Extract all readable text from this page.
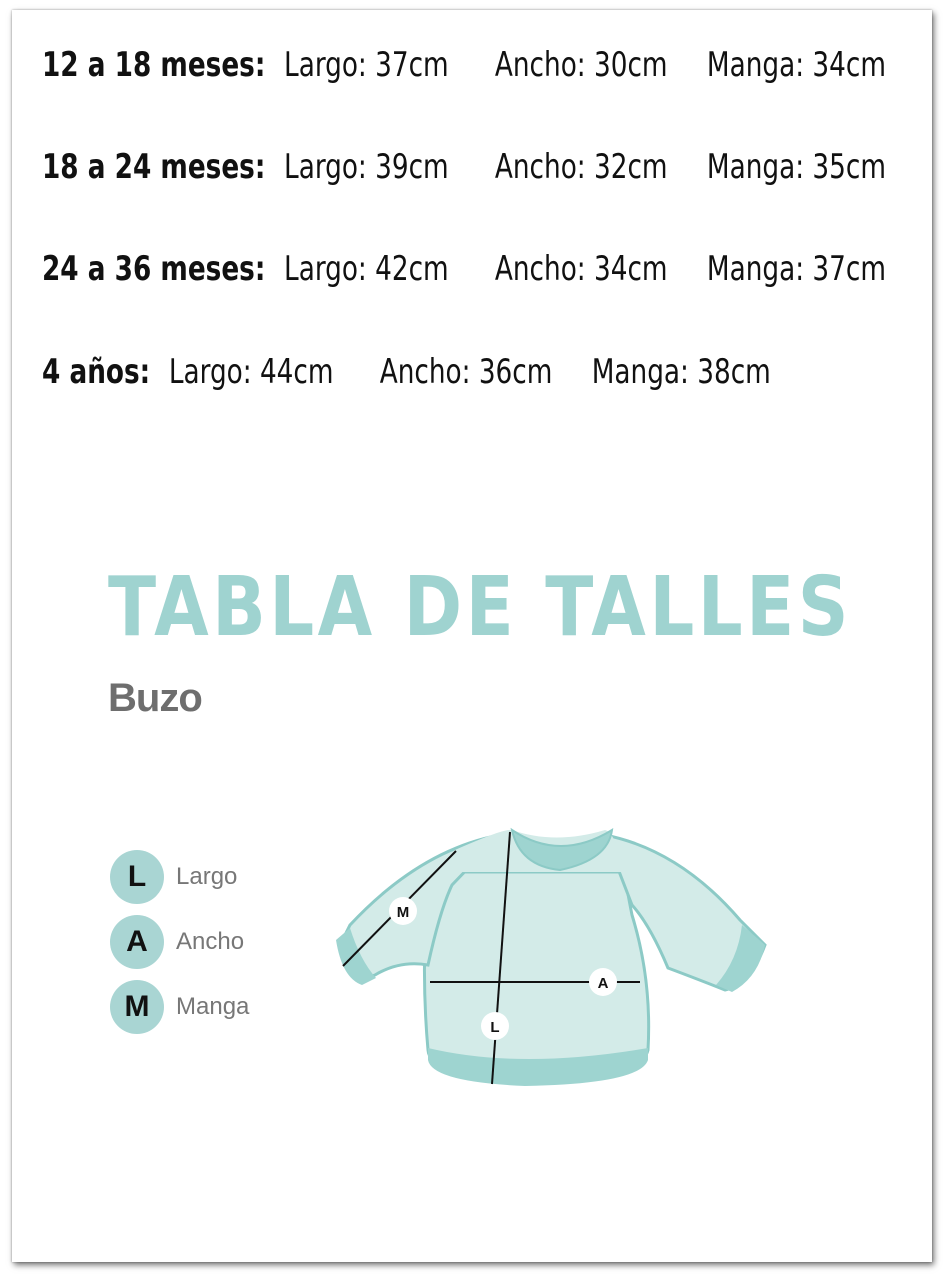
12 a 18 meses: Largo: 37cm Ancho: 30cm Manga: 34cm
18 a 24 meses: Largo: 39cm Ancho: 32cm Manga: 35cm
24 a 36 meses: Largo: 42cm Ancho: 34cm Manga: 37cm
4 años: Largo: 44cm Ancho: 36cm Manga: 38cm
TABLA DE TALLES
Buzo
L	Largo
A	Ancho
M	Manga
M
A
L
